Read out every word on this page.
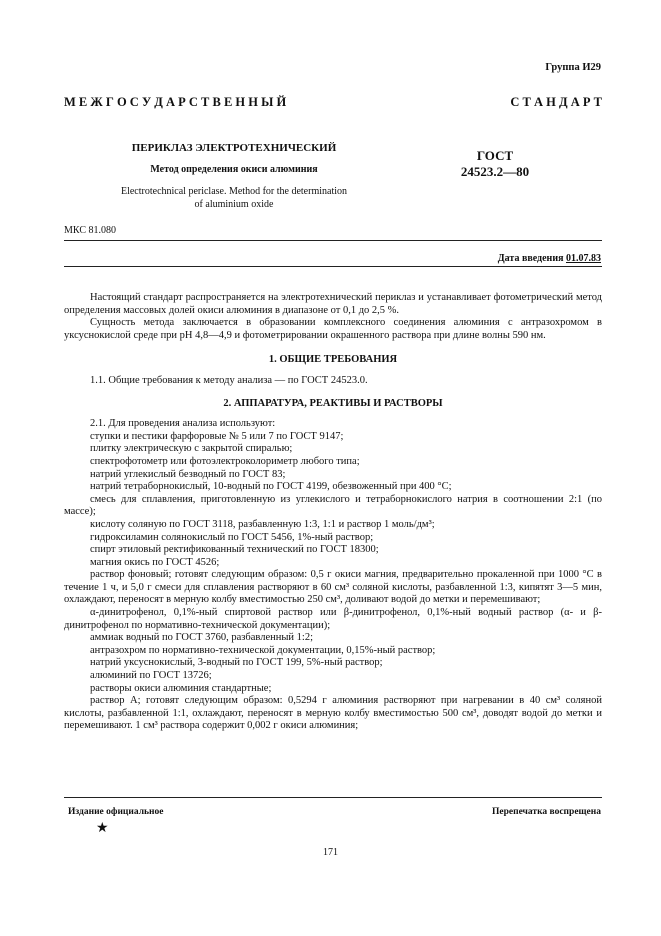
Группа И29
М Е Ж Г О С У Д А Р С Т В Е Н Н Ы Й	С Т А Н Д А Р Т
ПЕРИКЛАЗ ЭЛЕКТРОТЕХНИЧЕСКИЙ
Метод определения окиси алюминия
Electrotechnical periclase. Method for the determination
of aluminium oxide
ГОСТ
24523.2—80
МКС 81.080
Дата введения 01.07.83

Настоящий стандарт распространяется на электротехнический периклаз и устанавливает фотометрический метод определения массовых долей окиси алюминия в диапазоне от 0,1 до 2,5 %.

Сущность метода заключается в образовании комплексного соединения алюминия с антразохромом в уксуснокислой среде при pH 4,8—4,9 и фотометрировании окрашенного раствора при длине волны 590 нм.

1. ОБЩИЕ ТРЕБОВАНИЯ

1.1. Общие требования к методу анализа — по ГОСТ 24523.0.

2. АППАРАТУРА, РЕАКТИВЫ И РАСТВОРЫ

2.1. Для проведения анализа используют:

ступки и пестики фарфоровые № 5 или 7 по ГОСТ 9147;

плитку электрическую с закрытой спиралью;

спектрофотометр или фотоэлектроколориметр любого типа;

натрий углекислый безводный по ГОСТ 83;

натрий тетраборнокислый, 10-водный по ГОСТ 4199, обезвоженный при 400 °С;

смесь для сплавления, приготовленную из углекислого и тетраборнокислого натрия в соотношении 2:1 (по массе);

кислоту соляную по ГОСТ 3118, разбавленную 1:3, 1:1 и раствор 1 моль/дм³;

гидроксиламин солянокислый по ГОСТ 5456, 1%-ный раствор;

спирт этиловый ректификованный технический по ГОСТ 18300;

магния окись по ГОСТ 4526;

раствор фоновый; готовят следующим образом: 0,5 г окиси магния, предварительно прокаленной при 1000 °С в течение 1 ч, и 5,0 г смеси для сплавления растворяют в 60 см³ соляной кислоты, разбавленной 1:3, кипятят 3—5 мин, охлаждают, переносят в мерную колбу вместимостью 250 см³, доливают водой до метки и перемешивают;

α-динитрофенол, 0,1%-ный спиртовой раствор или β-динитрофенол, 0,1%-ный водный раствор (α- и β-динитрофенол по нормативно-технической документации);

аммиак водный по ГОСТ 3760, разбавленный 1:2;

антразохром по нормативно-технической документации, 0,15%-ный раствор;

натрий уксуснокислый, 3-водный по ГОСТ 199, 5%-ный раствор;

алюминий по ГОСТ 13726;

растворы окиси алюминия стандартные;

раствор А; готовят следующим образом: 0,5294 г алюминия растворяют при нагревании в 40 см³ соляной кислоты, разбавленной 1:1, охлаждают, переносят в мерную колбу вместимостью 500 см³, доводят водой до метки и перемешивают. 1 см³ раствора содержит 0,002 г окиси алюминия;

Издание официальное	Перепечатка воспрещена
★
171
